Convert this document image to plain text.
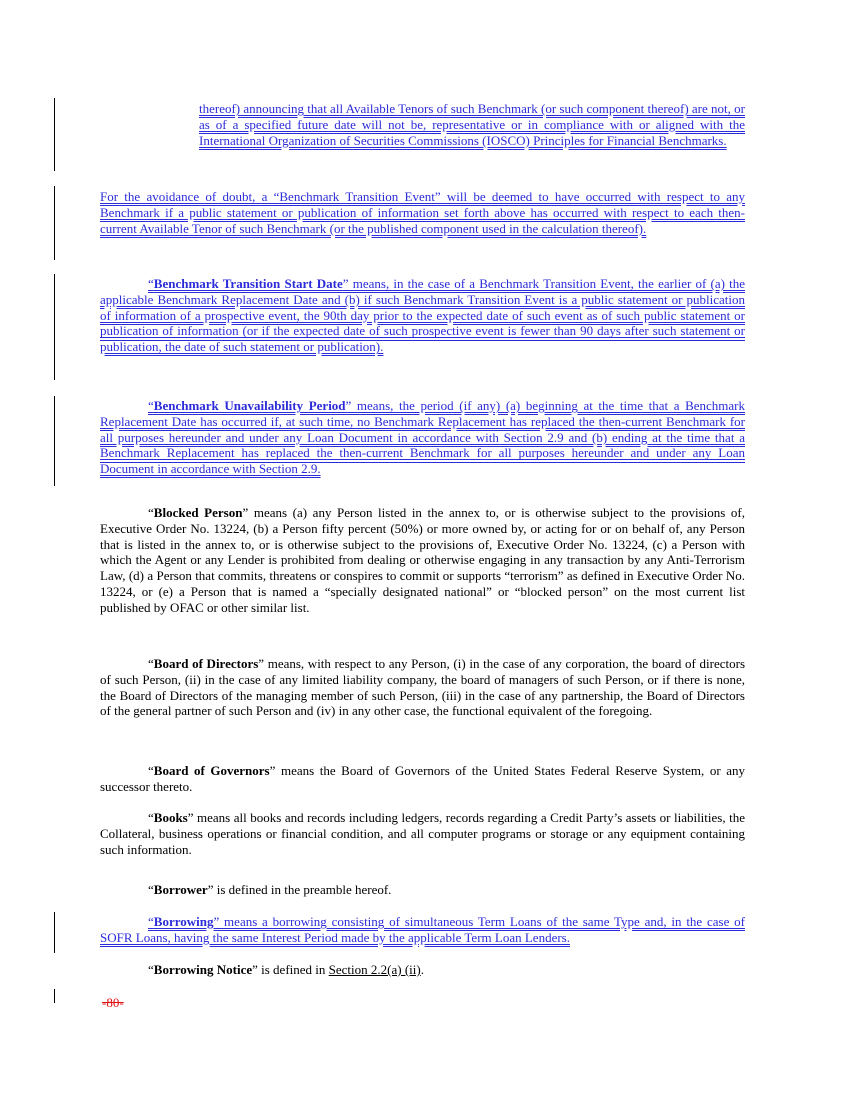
thereof) announcing that all Available Tenors of such Benchmark (or such component thereof) are not, or as of a specified future date will not be, representative or in compliance with or aligned with the International Organization of Securities Commissions (IOSCO) Principles for Financial Benchmarks.

For the avoidance of doubt, a “Benchmark Transition Event” will be deemed to have occurred with respect to any Benchmark if a public statement or publication of information set forth above has occurred with respect to each then-current Available Tenor of such Benchmark (or the published component used in the calculation thereof).

“Benchmark Transition Start Date” means, in the case of a Benchmark Transition Event, the earlier of (a) the applicable Benchmark Replacement Date and (b) if such Benchmark Transition Event is a public statement or publication of information of a prospective event, the 90th day prior to the expected date of such event as of such public statement or publication of information (or if the expected date of such prospective event is fewer than 90 days after such statement or publication, the date of such statement or publication).

“Benchmark Unavailability Period” means, the period (if any) (a) beginning at the time that a Benchmark Replacement Date has occurred if, at such time, no Benchmark Replacement has replaced the then-current Benchmark for all purposes hereunder and under any Loan Document in accordance with Section 2.9 and (b) ending at the time that a Benchmark Replacement has replaced the then-current Benchmark for all purposes hereunder and under any Loan Document in accordance with Section 2.9.

“Blocked Person” means (a) any Person listed in the annex to, or is otherwise subject to the provisions of, Executive Order No. 13224, (b) a Person fifty percent (50%) or more owned by, or acting for or on behalf of, any Person that is listed in the annex to, or is otherwise subject to the provisions of, Executive Order No. 13224, (c) a Person with which the Agent or any Lender is prohibited from dealing or otherwise engaging in any transaction by any Anti-Terrorism Law, (d) a Person that commits, threatens or conspires to commit or supports “terrorism” as defined in Executive Order No. 13224, or (e) a Person that is named a “specially designated national” or “blocked person” on the most current list published by OFAC or other similar list.

“Board of Directors” means, with respect to any Person, (i) in the case of any corporation, the board of directors of such Person, (ii) in the case of any limited liability company, the board of managers of such Person, or if there is none, the Board of Directors of the managing member of such Person, (iii) in the case of any partnership, the Board of Directors of the general partner of such Person and (iv) in any other case, the functional equivalent of the foregoing.

“Board of Governors” means the Board of Governors of the United States Federal Reserve System, or any successor thereto.

“Books” means all books and records including ledgers, records regarding a Credit Party’s assets or liabilities, the Collateral, business operations or financial condition, and all computer programs or storage or any equipment containing such information.

“Borrower” is defined in the preamble hereof.

“Borrowing” means a borrowing consisting of simultaneous Term Loans of the same Type and, in the case of SOFR Loans, having the same Interest Period made by the applicable Term Loan Lenders.

“Borrowing Notice” is defined in Section 2.2(a) (ii).

-80-
